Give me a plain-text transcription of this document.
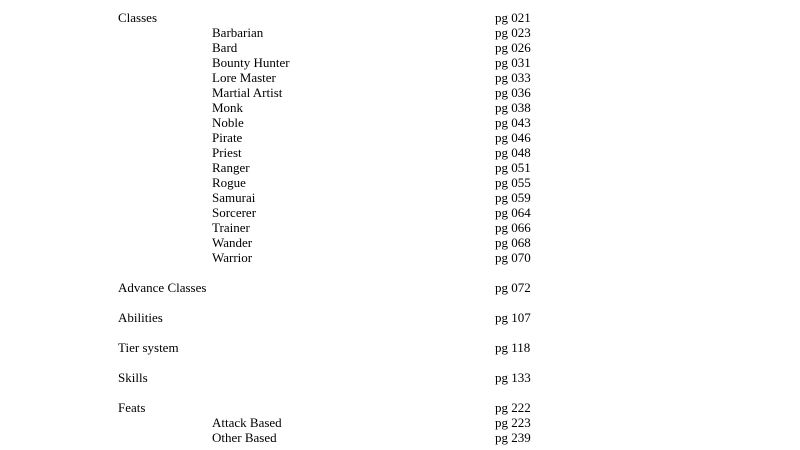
Classes	pg 021
Barbarian	pg 023
Bard	pg 026
Bounty Hunter	pg 031
Lore Master	pg 033
Martial Artist	pg 036
Monk	pg 038
Noble	pg 043
Pirate	pg 046
Priest	pg 048
Ranger	pg 051
Rogue	pg 055
Samurai	pg 059
Sorcerer	pg 064
Trainer	pg 066
Wander	pg 068
Warrior	pg 070
Advance Classes	pg 072
Abilities	pg 107
Tier system	pg 118
Skills	pg 133
Feats	pg 222
Attack Based	pg 223
Other Based	pg 239
